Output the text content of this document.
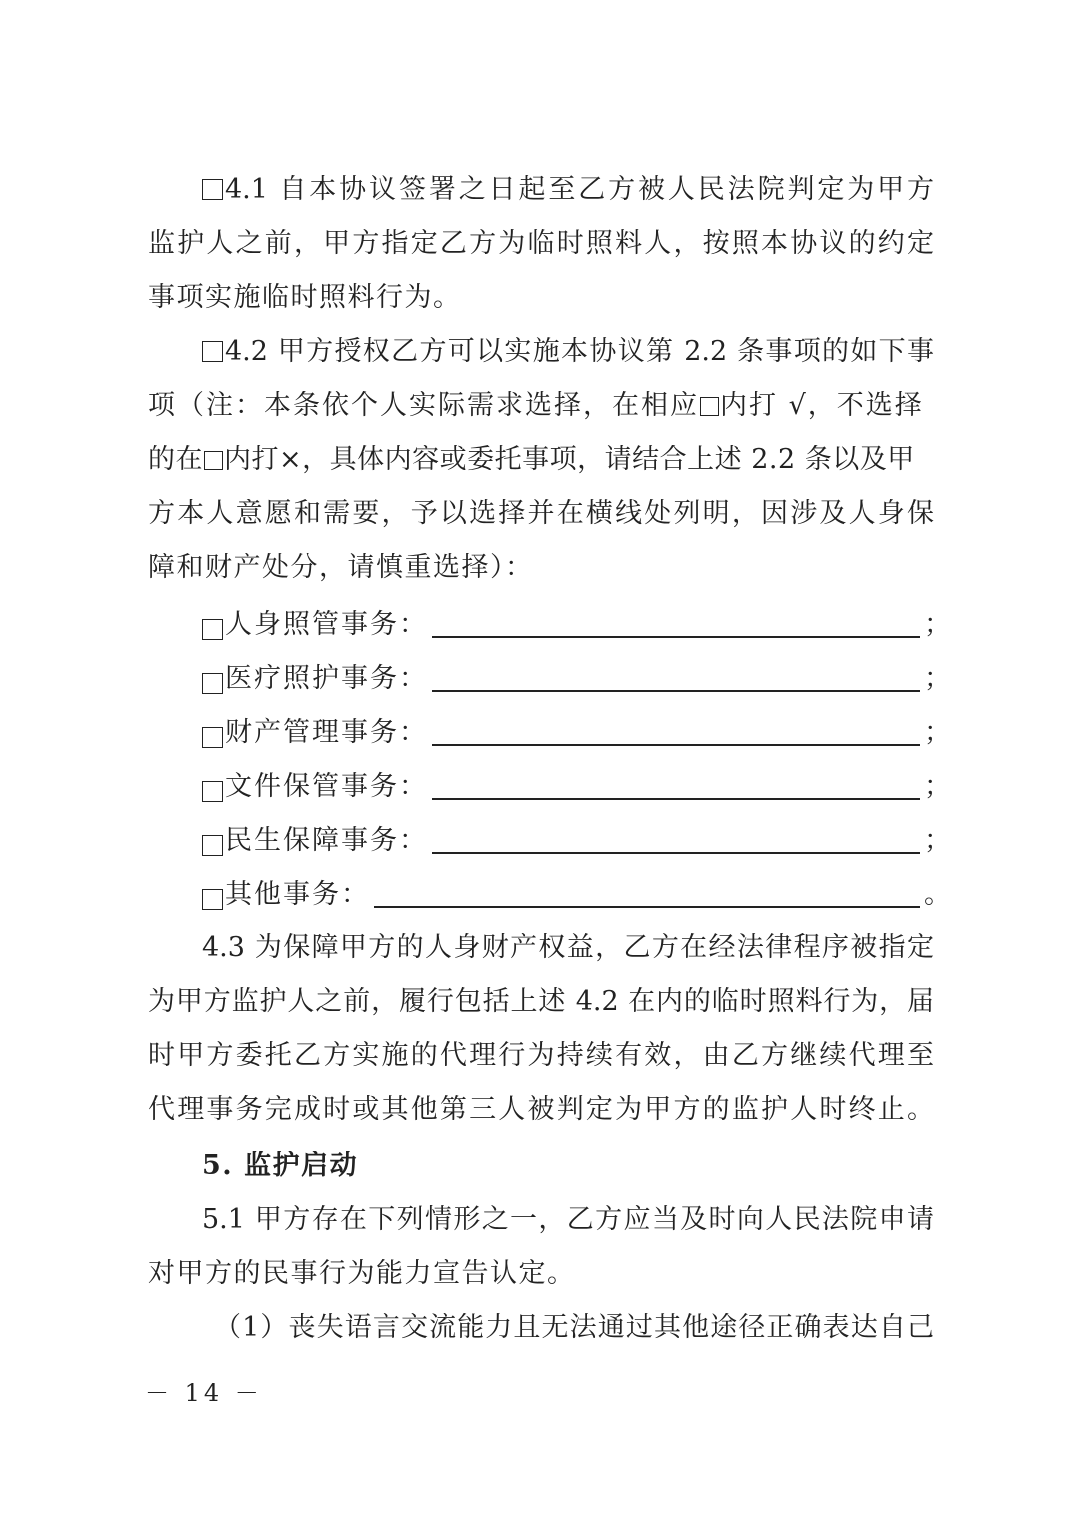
4.1 自本协议签署之日起至乙方被人民法院判定为甲方
监护人之前，甲方指定乙方为临时照料人，按照本协议的约定
事项实施临时照料行为。
4.2 甲方授权乙方可以实施本协议第 2.2 条事项的如下事
项（注：本条依个人实际需求选择，在相应 内打 √，不选择
的在 内打×，具体内容或委托事项，请结合上述 2.2 条以及甲
方本人意愿和需要，予以选择并在横线处列明，因涉及人身保
障和财产处分，请慎重选择）：
人身照管事务：	；
医疗照护事务：	；
财产管理事务：	；
文件保管事务：	；
民生保障事务：	；
其他事务：	。
4.3 为保障甲方的人身财产权益，乙方在经法律程序被指定
为甲方监护人之前，履行包括上述 4.2 在内的临时照料行为，届
时甲方委托乙方实施的代理行为持续有效，由乙方继续代理至
代理事务完成时或其他第三人被判定为甲方的监护人时终止。
5. 监护启动
5.1 甲方存在下列情形之一，乙方应当及时向人民法院申请
对甲方的民事行为能力宣告认定。
（1）丧失语言交流能力且无法通过其他途径正确表达自己
－ 14 －
